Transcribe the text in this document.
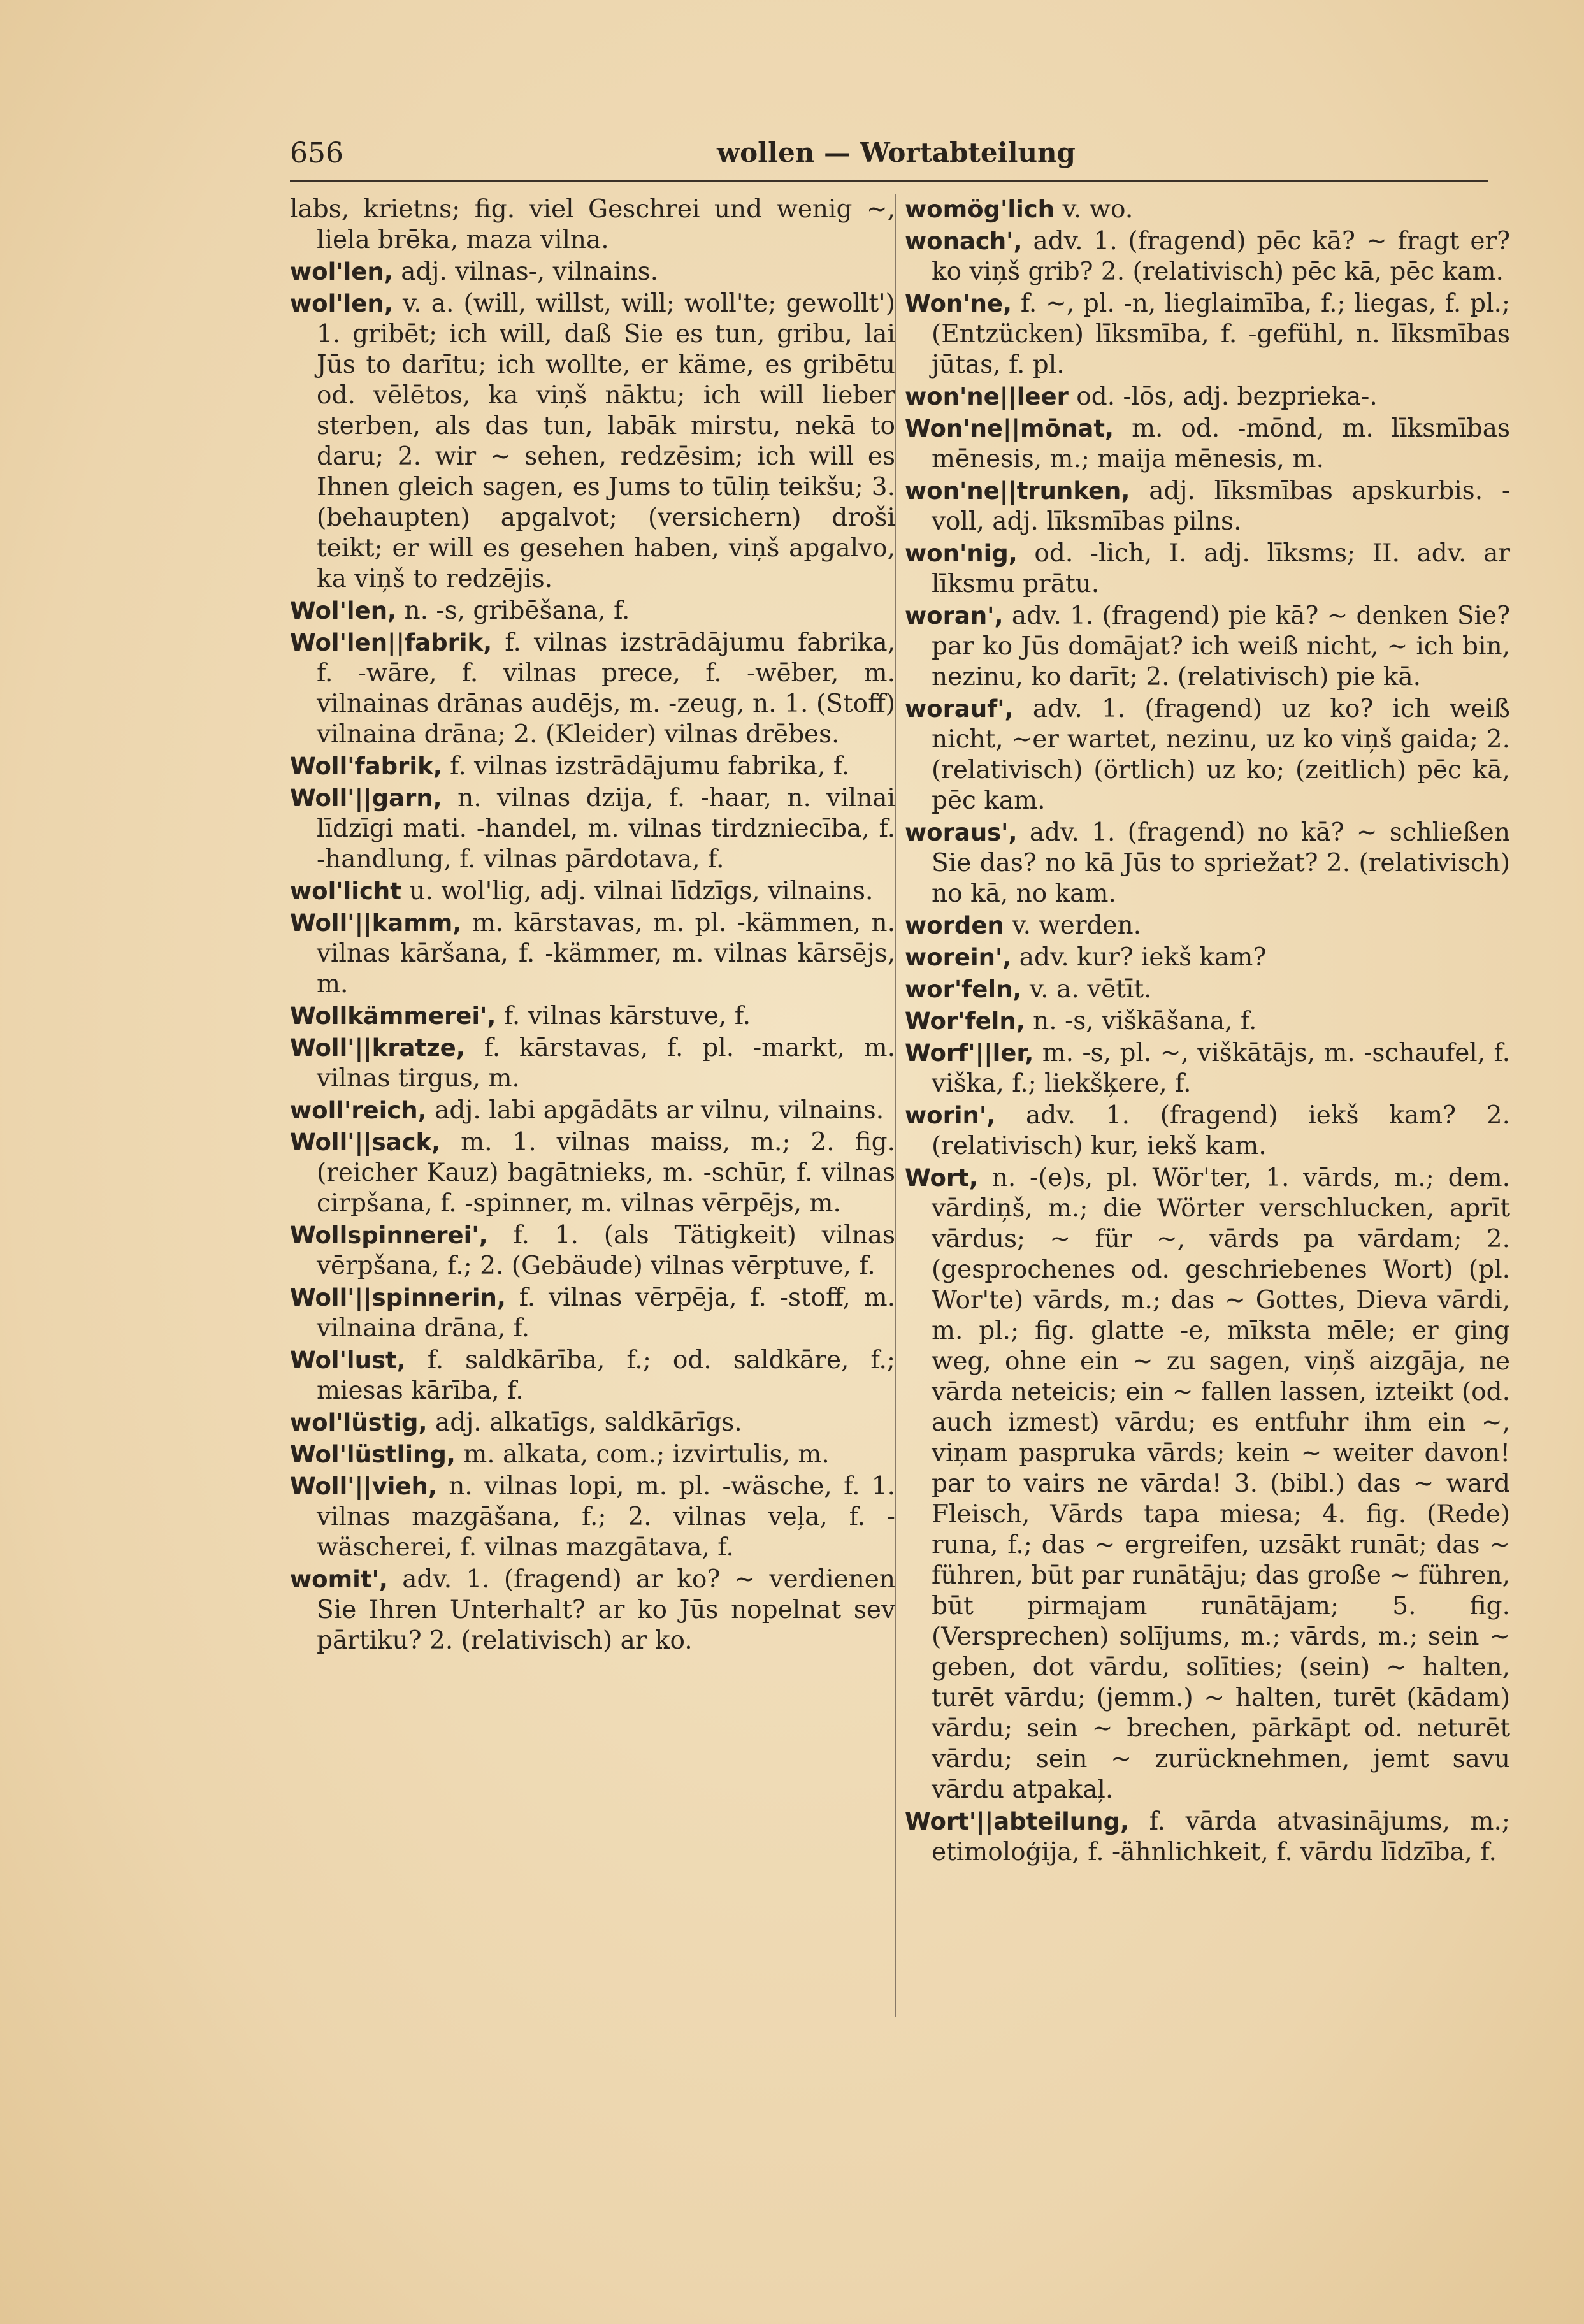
656	wollen — Wortabteilung

labs, krietns; fig. viel Geschrei und wenig ~, liela brēka, maza vilna.

wol'len, adj. vilnas-, vilnains.

wol'len, v. a. (will, willst, will; woll'te; gewollt') 1. gribēt; ich will, daß Sie es tun, gribu, lai Jūs to darītu; ich wollte, er käme, es gribētu od. vēlētos, ka viņš nāktu; ich will lieber sterben, als das tun, labāk mirstu, nekā to daru; 2. wir ~ sehen, redzēsim; ich will es Ihnen gleich sagen, es Jums to tūliņ teikšu; 3. (behaupten) apgalvot; (versichern) droši teikt; er will es gesehen haben, viņš apgalvo, ka viņš to redzējis.

Wol'len, n. -s, gribēšana, f.

Wol'len||fabrik, f. vilnas izstrādājumu fabrika, f. -wāre, f. vilnas prece, f. -wēber, m. vilnainas drānas audējs, m. -zeug, n. 1. (Stoff) vilnaina drāna; 2. (Kleider) vilnas drēbes.

Woll'fabrik, f. vilnas izstrādājumu fabrika, f.

Woll'||garn, n. vilnas dzija, f. -haar, n. vilnai līdzīgi mati. -handel, m. vilnas tirdzniecība, f. -handlung, f. vilnas pārdotava, f.

wol'licht u. wol'lig, adj. vilnai līdzīgs, vilnains.

Woll'||kamm, m. kārstavas, m. pl. -kämmen, n. vilnas kāršana, f. -kämmer, m. vilnas kārsējs, m.

Wollkämmerei', f. vilnas kārstuve, f.

Woll'||kratze, f. kārstavas, f. pl. -markt, m. vilnas tirgus, m.

woll'reich, adj. labi apgādāts ar vilnu, vilnains.

Woll'||sack, m. 1. vilnas maiss, m.; 2. fig. (reicher Kauz) bagātnieks, m. -schūr, f. vilnas cirpšana, f. -spinner, m. vilnas vērpējs, m.

Wollspinnerei', f. 1. (als Tätigkeit) vilnas vērpšana, f.; 2. (Gebäude) vilnas vērptuve, f.

Woll'||spinnerin, f. vilnas vērpēja, f. -stoff, m. vilnaina drāna, f.

Wol'lust, f. saldkārība, f.; od. saldkāre, f.; miesas kārība, f.

wol'lüstig, adj. alkatīgs, saldkārīgs.

Wol'lüstling, m. alkata, com.; izvirtulis, m.

Woll'||vieh, n. vilnas lopi, m. pl. -wäsche, f. 1. vilnas mazgāšana, f.; 2. vilnas veļa, f. -wäscherei, f. vilnas mazgātava, f.

womit', adv. 1. (fragend) ar ko? ~ verdienen Sie Ihren Unterhalt? ar ko Jūs nopelnat sev pārtiku? 2. (relativisch) ar ko.

womög'lich v. wo.

wonach', adv. 1. (fragend) pēc kā? ~ fragt er? ko viņš grib? 2. (relativisch) pēc kā, pēc kam.

Won'ne, f. ~, pl. -n, lieglaimība, f.; liegas, f. pl.; (Entzücken) līksmība, f. -gefühl, n. līksmības jūtas, f. pl.

won'ne||leer od. -lōs, adj. bezprieka-.

Won'ne||mōnat, m. od. -mōnd, m. līksmības mēnesis, m.; maija mēnesis, m.

won'ne||trunken, adj. līksmības apskurbis. -voll, adj. līksmības pilns.

won'nig, od. -lich, I. adj. līksms; II. adv. ar līksmu prātu.

woran', adv. 1. (fragend) pie kā? ~ denken Sie? par ko Jūs domājat? ich weiß nicht, ~ ich bin, nezinu, ko darīt; 2. (relativisch) pie kā.

worauf', adv. 1. (fragend) uz ko? ich weiß nicht, ~er wartet, nezinu, uz ko viņš gaida; 2. (relativisch) (örtlich) uz ko; (zeitlich) pēc kā, pēc kam.

woraus', adv. 1. (fragend) no kā? ~ schließen Sie das? no kā Jūs to spriežat? 2. (relativisch) no kā, no kam.

worden v. werden.

worein', adv. kur? iekš kam?

wor'feln, v. a. vētīt.

Wor'feln, n. -s, viškāšana, f.

Worf'||ler, m. -s, pl. ~, viškātājs, m. -schaufel, f. viška, f.; liekšķere, f.

worin', adv. 1. (fragend) iekš kam? 2. (relativisch) kur, iekš kam.

Wort, n. -(e)s, pl. Wör'ter, 1. vārds, m.; dem. vārdiņš, m.; die Wörter verschlucken, aprīt vārdus; ~ für ~, vārds pa vārdam; 2. (gesprochenes od. geschriebenes Wort) (pl. Wor'te) vārds, m.; das ~ Gottes, Dieva vārdi, m. pl.; fig. glatte -e, mīksta mēle; er ging weg, ohne ein ~ zu sagen, viņš aizgāja, ne vārda neteicis; ein ~ fallen lassen, izteikt (od. auch izmest) vārdu; es entfuhr ihm ein ~, viņam paspruka vārds; kein ~ weiter davon! par to vairs ne vārda! 3. (bibl.) das ~ ward Fleisch, Vārds tapa miesa; 4. fig. (Rede) runa, f.; das ~ ergreifen, uzsākt runāt; das ~ führen, būt par runātāju; das große ~ führen, būt pirmajam runātājam; 5. fig. (Versprechen) solījums, m.; vārds, m.; sein ~ geben, dot vārdu, solīties; (sein) ~ halten, turēt vārdu; (jemm.) ~ halten, turēt (kādam) vārdu; sein ~ brechen, pārkāpt od. neturēt vārdu; sein ~ zurücknehmen, jemt savu vārdu atpakaļ.

Wort'||abteilung, f. vārda atvasinājums, m.; etimoloģija, f. -ähnlichkeit, f. vārdu līdzība, f.
